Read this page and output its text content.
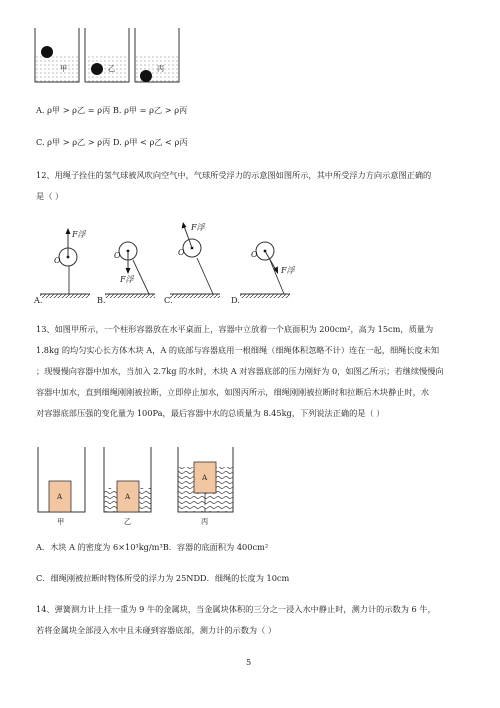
甲	乙	丙
A. ρ甲 > ρ乙 = ρ丙 B. ρ甲 = ρ乙 > ρ丙
C. ρ甲 > ρ乙 > ρ丙 D. ρ甲 < ρ乙 < ρ丙
12、用绳子拴住的氢气球被风吹向空气中，气球所受浮力的示意图如图所示，其中所受浮力方向示意图正确的
是（ ）
O
F浮
O
F浮
O
F浮
O
F浮
A.	B.	C.	D.
13、如图甲所示，一个柱形容器放在水平桌面上，容器中立放着一个底面积为 200cm²，高为 15cm，质量为
1.8kg 的均匀实心长方体木块 A，A 的底部与容器底用一根细绳（细绳体积忽略不计）连在一起，细绳长度未知
；现慢慢向容器中加水，当加入 2.7kg 的水时，木块 A 对容器底部的压力刚好为 0，如图乙所示；若继续慢慢向
容器中加水，直到细绳刚刚被拉断，立即停止加水，如图丙所示，细绳刚刚被拉断时和拉断后木块静止时，水
对容器底部压强的变化量为 100Pa，最后容器中水的总质量为 8.45kg，下列说法正确的是（ ）
A	A
A
甲	乙	丙
A．木块 A 的密度为 6×10³kg/m³B．容器的底面积为 400cm²
C．细绳刚被拉断时物体所受的浮力为 25NDD．细绳的长度为 10cm
14、弹簧测力计上挂一重为 9 牛的金属块，当金属块体积的三分之一浸入水中静止时，测力计的示数为 6 牛，
若将金属块全部浸入水中且未碰到容器底部，测力计的示数为（ ）
5
